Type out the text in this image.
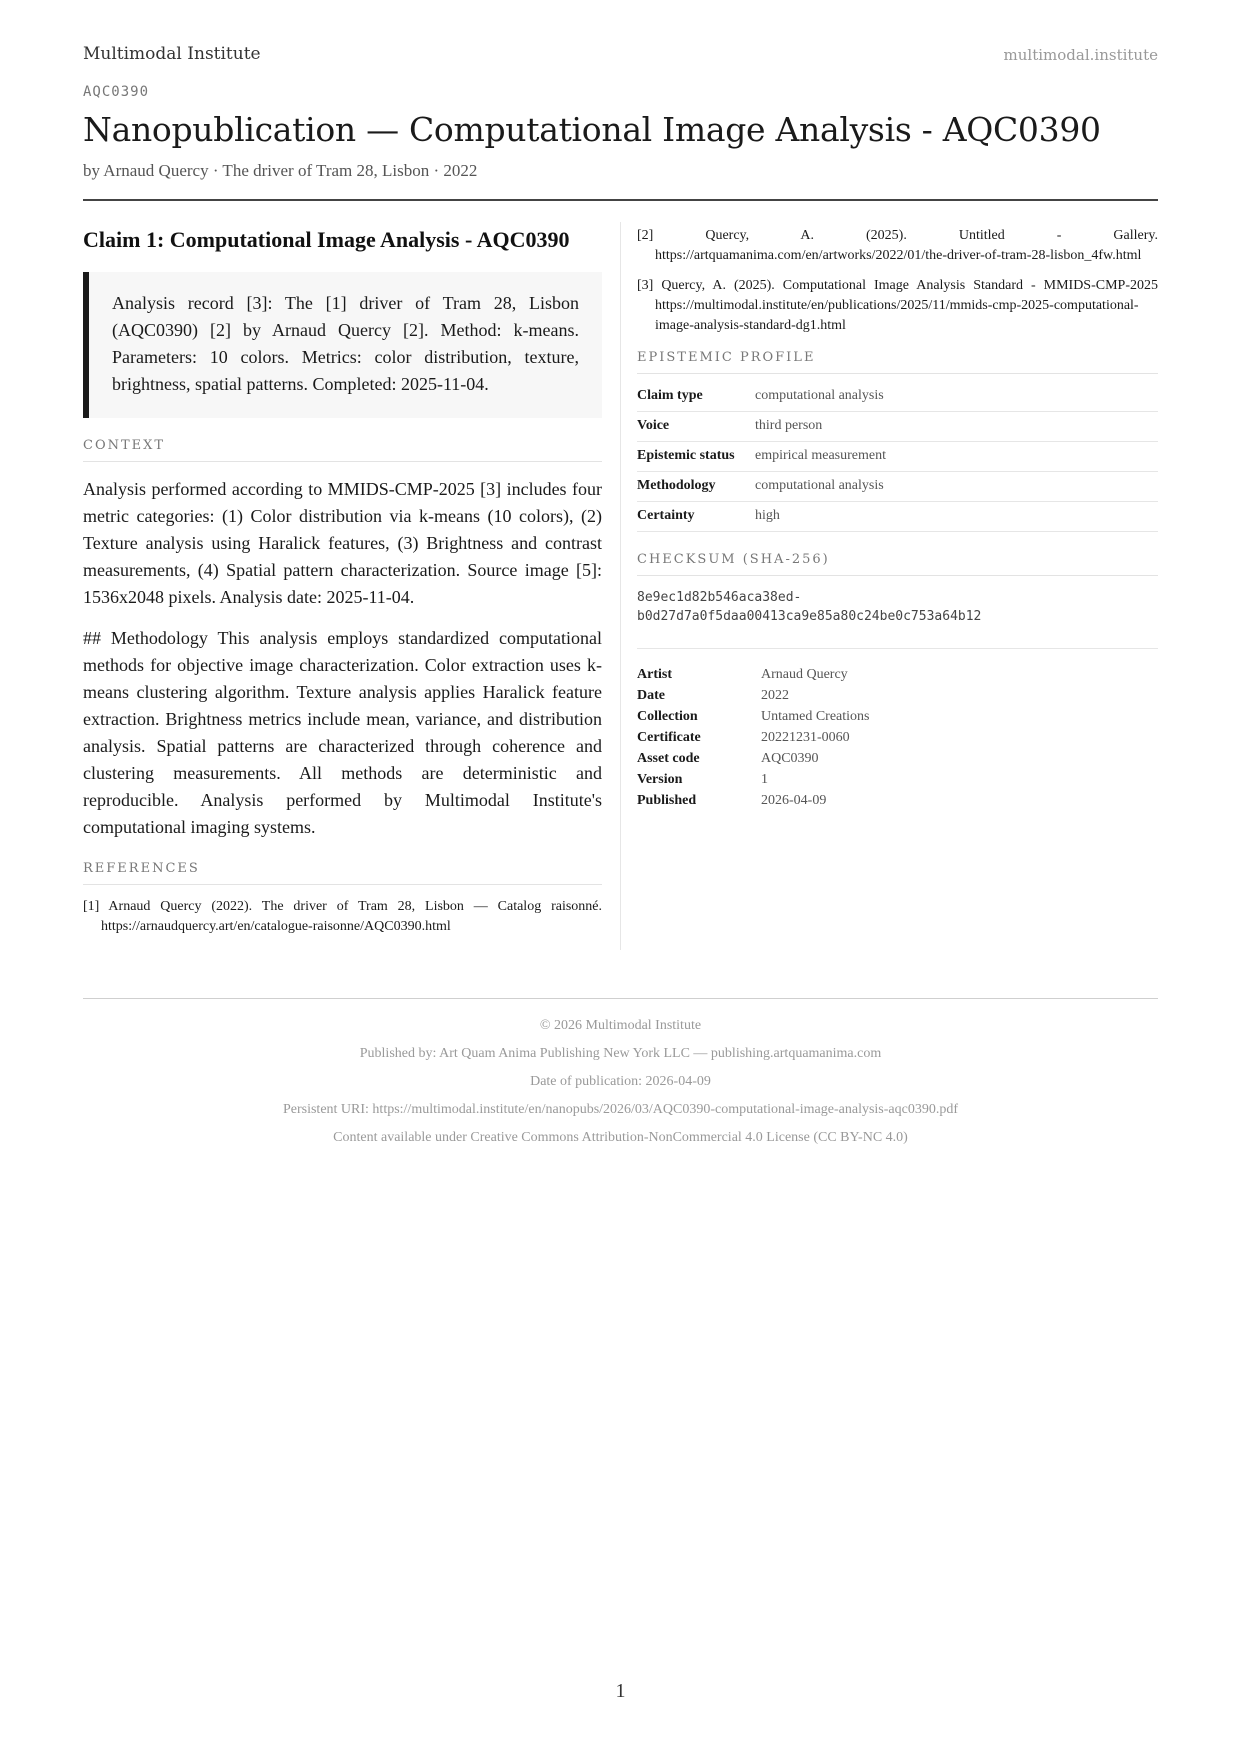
Multimodal Institute	multimodal.institute
AQC0390
Nanopublication — Computational Image Analysis - AQC0390
by Arnaud Quercy · The driver of Tram 28, Lisbon · 2022
Claim 1: Computational Image Analysis - AQC0390
Analysis record [3]: The [1] driver of Tram 28, Lisbon (AQC0390) [2] by Arnaud Quercy [2]. Method: k-means. Parameters: 10 colors. Metrics: color distribution, texture, brightness, spatial patterns. Completed: 2025-11-04.
CONTEXT

Analysis performed according to MMIDS-CMP-2025 [3] includes four metric categories: (1) Color distribution via k-means (10 colors), (2) Texture analysis using Haralick features, (3) Brightness and contrast measurements, (4) Spatial pattern characterization. Source image [5]: 1536x2048 pixels. Analysis date: 2025-11-04.

## Methodology This analysis employs standardized computational methods for objective image characterization. Color extraction uses k-means clustering algorithm. Texture analysis applies Haralick feature extraction. Brightness metrics include mean, variance, and distribution analysis. Spatial patterns are characterized through coherence and clustering measurements. All methods are deterministic and reproducible. Analysis performed by Multimodal Institute's computational imaging systems.

REFERENCES
[1] Arnaud Quercy (2022). The driver of Tram 28, Lisbon — Catalog raisonné. https://arnaudquercy.art/en/catalogue-raisonne/AQC0390.html
[2] Quercy, A. (2025). Untitled - Gallery. https://artquamanima.com/en/artworks/2022/01/the-driver-of-tram-28-lisbon_4fw.html
[3] Quercy, A. (2025). Computational Image Analysis Standard - MMIDS-CMP-2025 https://multimodal.institute/en/publications/2025/11/mmids-cmp-2025-computational-image-analysis-standard-dg1.html
EPISTEMIC PROFILE
Claim type	computational analysis
Voice	third person
Epistemic status	empirical measurement
Methodology	computational analysis
Certainty	high
CHECKSUM (SHA-256)
8e9ec1d82b546aca38ed-
b0d27d7a0f5daa00413ca9e85a80c24be0c753a64b12
Artist	Arnaud Quercy
Date	2022
Collection	Untamed Creations
Certificate	20221231-0060
Asset code	AQC0390
Version	1
Published	2026-04-09
© 2026 Multimodal Institute
Published by: Art Quam Anima Publishing New York LLC — publishing.artquamanima.com
Date of publication: 2026-04-09
Persistent URI: https://multimodal.institute/en/nanopubs/2026/03/AQC0390-computational-image-analysis-aqc0390.pdf
Content available under Creative Commons Attribution-NonCommercial 4.0 License (CC BY-NC 4.0)
1
